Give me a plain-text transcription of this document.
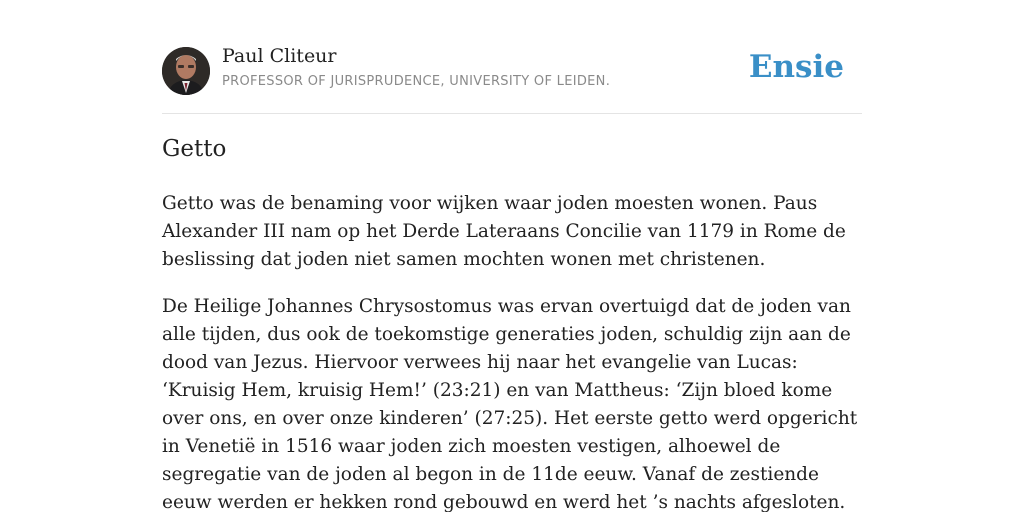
Paul Cliteur
PROFESSOR OF JURISPRUDENCE, UNIVERSITY OF LEIDEN.	Ensie
Getto

Getto was de benaming voor wijken waar joden moesten wonen. Paus Alexander III nam op het Derde Lateraans Concilie van 1179 in Rome de beslissing dat joden niet samen mochten wonen met christenen.

De Heilige Johannes Chrysostomus was ervan overtuigd dat de joden van alle tijden, dus ook de toekomstige generaties joden, schuldig zijn aan de dood van Jezus. Hiervoor verwees hij naar het evangelie van Lucas: ‘Kruisig Hem, kruisig Hem!’ (23:21) en van Mattheus: ‘Zijn bloed kome over ons, en over onze kinderen’ (27:25). Het eerste getto werd opgericht in Venetië in 1516 waar joden zich moesten vestigen, alhoewel de segregatie van de joden al begon in de 11de eeuw. Vanaf de zestiende eeuw werden er hekken rond gebouwd en werd het ’s nachts afgesloten.
